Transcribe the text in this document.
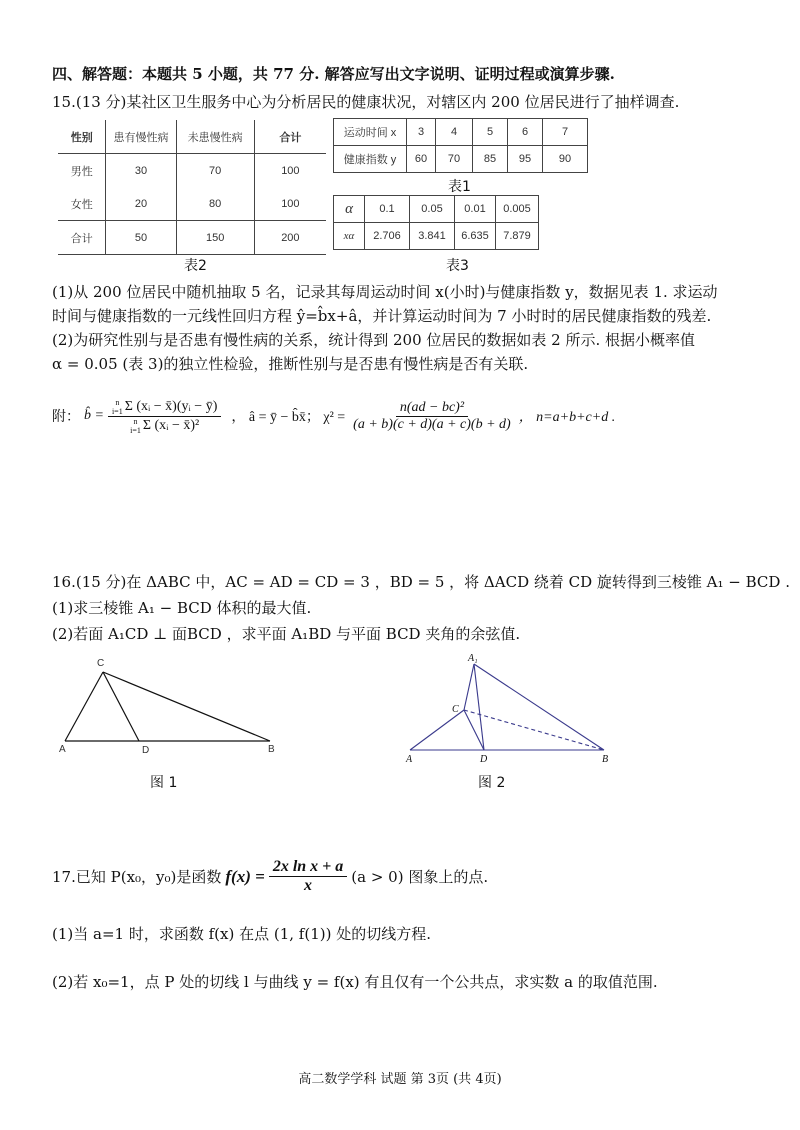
四、解答题：本题共 5 小题，共 77 分. 解答应写出文字说明、证明过程或演算步骤.
15.(13 分)某社区卫生服务中心为分析居民的健康状况，对辖区内 200 位居民进行了抽样调查.
性别	患有慢性病	未患慢性病	合计
男性	30	70	100
女性	20	80	100
合计	50	150	200
表2
运动时间 x	3	4	5	6	7
健康指数 y	60	70	85	95	90
表1
α	0.1	0.05	0.01	0.005
xα	2.706	3.841	6.635	7.879
表3
(1)从 200 位居民中随机抽取 5 名，记录其每周运动时间 x(小时)与健康指数 y，数据见表 1. 求运动
时间与健康指数的一元线性回归方程 ŷ=b̂x+â，并计算运动时间为 7 小时时的居民健康指数的残差.
(2)为研究性别与是否患有慢性病的关系，统计得到 200 位居民的数据如表 2 所示. 根据小概率值
α = 0.05 (表 3)的独立性检验，推断性别与是否患有慢性病是否有关联.
附： b̂ = n
i=1 Σ (xᵢ − x̄)(yᵢ − ȳ)
n
i=1 Σ (xᵢ − x̄)² ， â = ȳ − b̂x̄； $\chi^2 = \frac{\text{n(ad − bc)²}}{(a + b)(c + d)(a + c)(b + d)}$ ， n=a+b+c+d .
16.(15 分)在 ΔABC 中，AC = AD = CD = 3 ，BD = 5 ，将 ΔACD 绕着 CD 旋转得到三棱锥 A₁ − BCD .
(1)求三棱锥 A₁ − BCD 体积的最大值.
(2)若面 A₁CD ⊥ 面BCD ，求平面 A₁BD 与平面 BCD 夹角的余弦值.
C
A	D	B
图 1
A₁
C
A	D	B
图 2
17.已知 P(x₀，y₀)是函数 $f(x) = \frac{\text{2x ln x + a}}{x} (a > 0)$ 图象上的点.
(1)当 a=1 时，求函数 f(x) 在点 (1, f(1)) 处的切线方程.
(2)若 x₀=1，点 P 处的切线 l 与曲线 y = f(x) 有且仅有一个公共点，求实数 a 的取值范围.
高二数学学科 试题 第 3页 (共 4页)
